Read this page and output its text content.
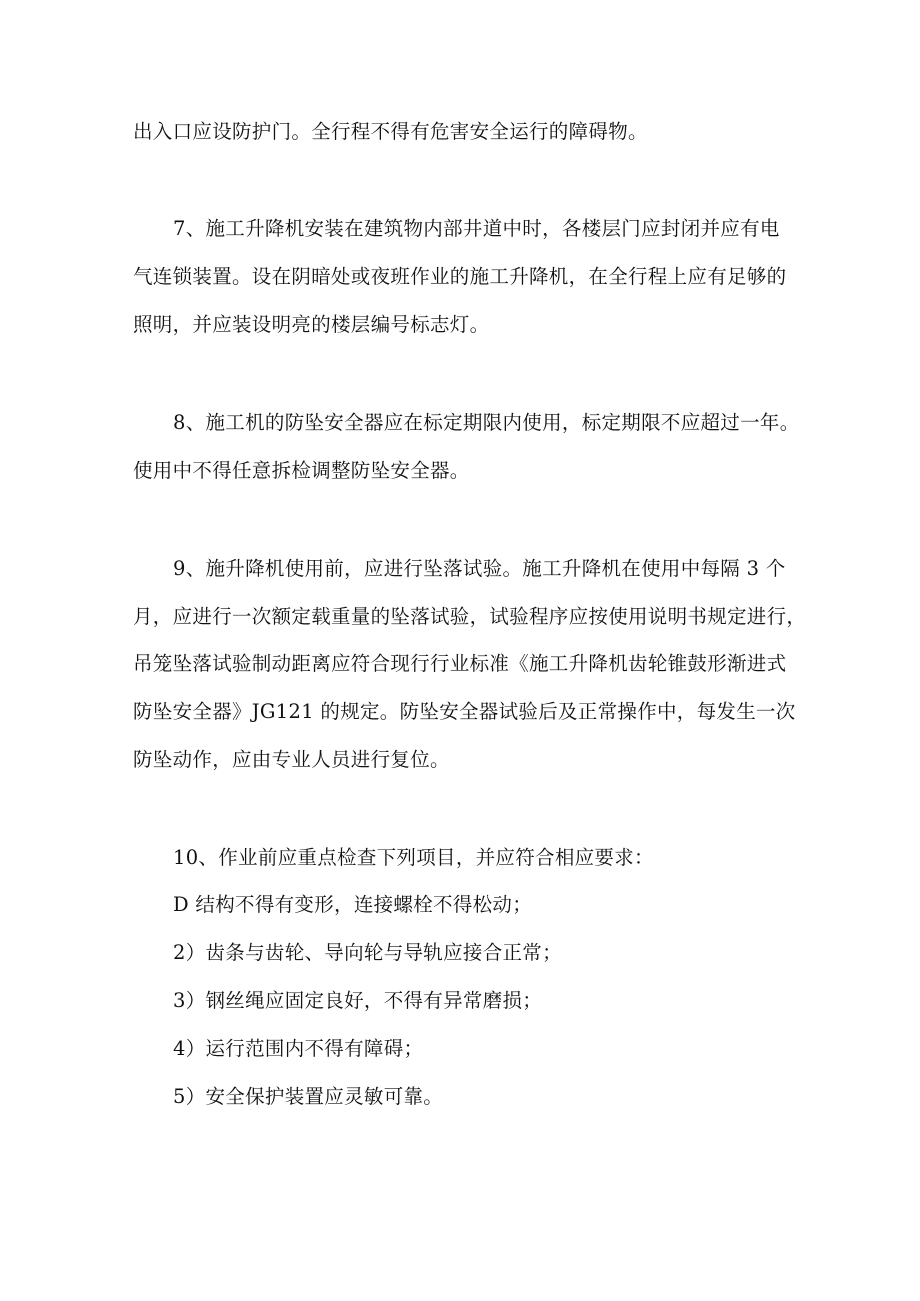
出入口应设防护门。全行程不得有危害安全运行的障碍物。
7、施工升降机安装在建筑物内部井道中时，各楼层门应封闭并应有电
气连锁装置。设在阴暗处或夜班作业的施工升降机，在全行程上应有足够的
照明，并应装设明亮的楼层编号标志灯。
8、施工机的防坠安全器应在标定期限内使用，标定期限不应超过一年。
使用中不得任意拆检调整防坠安全器。
9、施升降机使用前，应进行坠落试验。施工升降机在使用中每隔 3 个
月，应进行一次额定载重量的坠落试验，试验程序应按使用说明书规定进行，
吊笼坠落试验制动距离应符合现行行业标准《施工升降机齿轮锥鼓形渐进式
防坠安全器》JG121 的规定。防坠安全器试验后及正常操作中，每发生一次
防坠动作，应由专业人员进行复位。
10、作业前应重点检查下列项目，并应符合相应要求：
D 结构不得有变形，连接螺栓不得松动；
2）齿条与齿轮、导向轮与导轨应接合正常；
3）钢丝绳应固定良好，不得有异常磨损；
4）运行范围内不得有障碍；
5）安全保护装置应灵敏可靠。
